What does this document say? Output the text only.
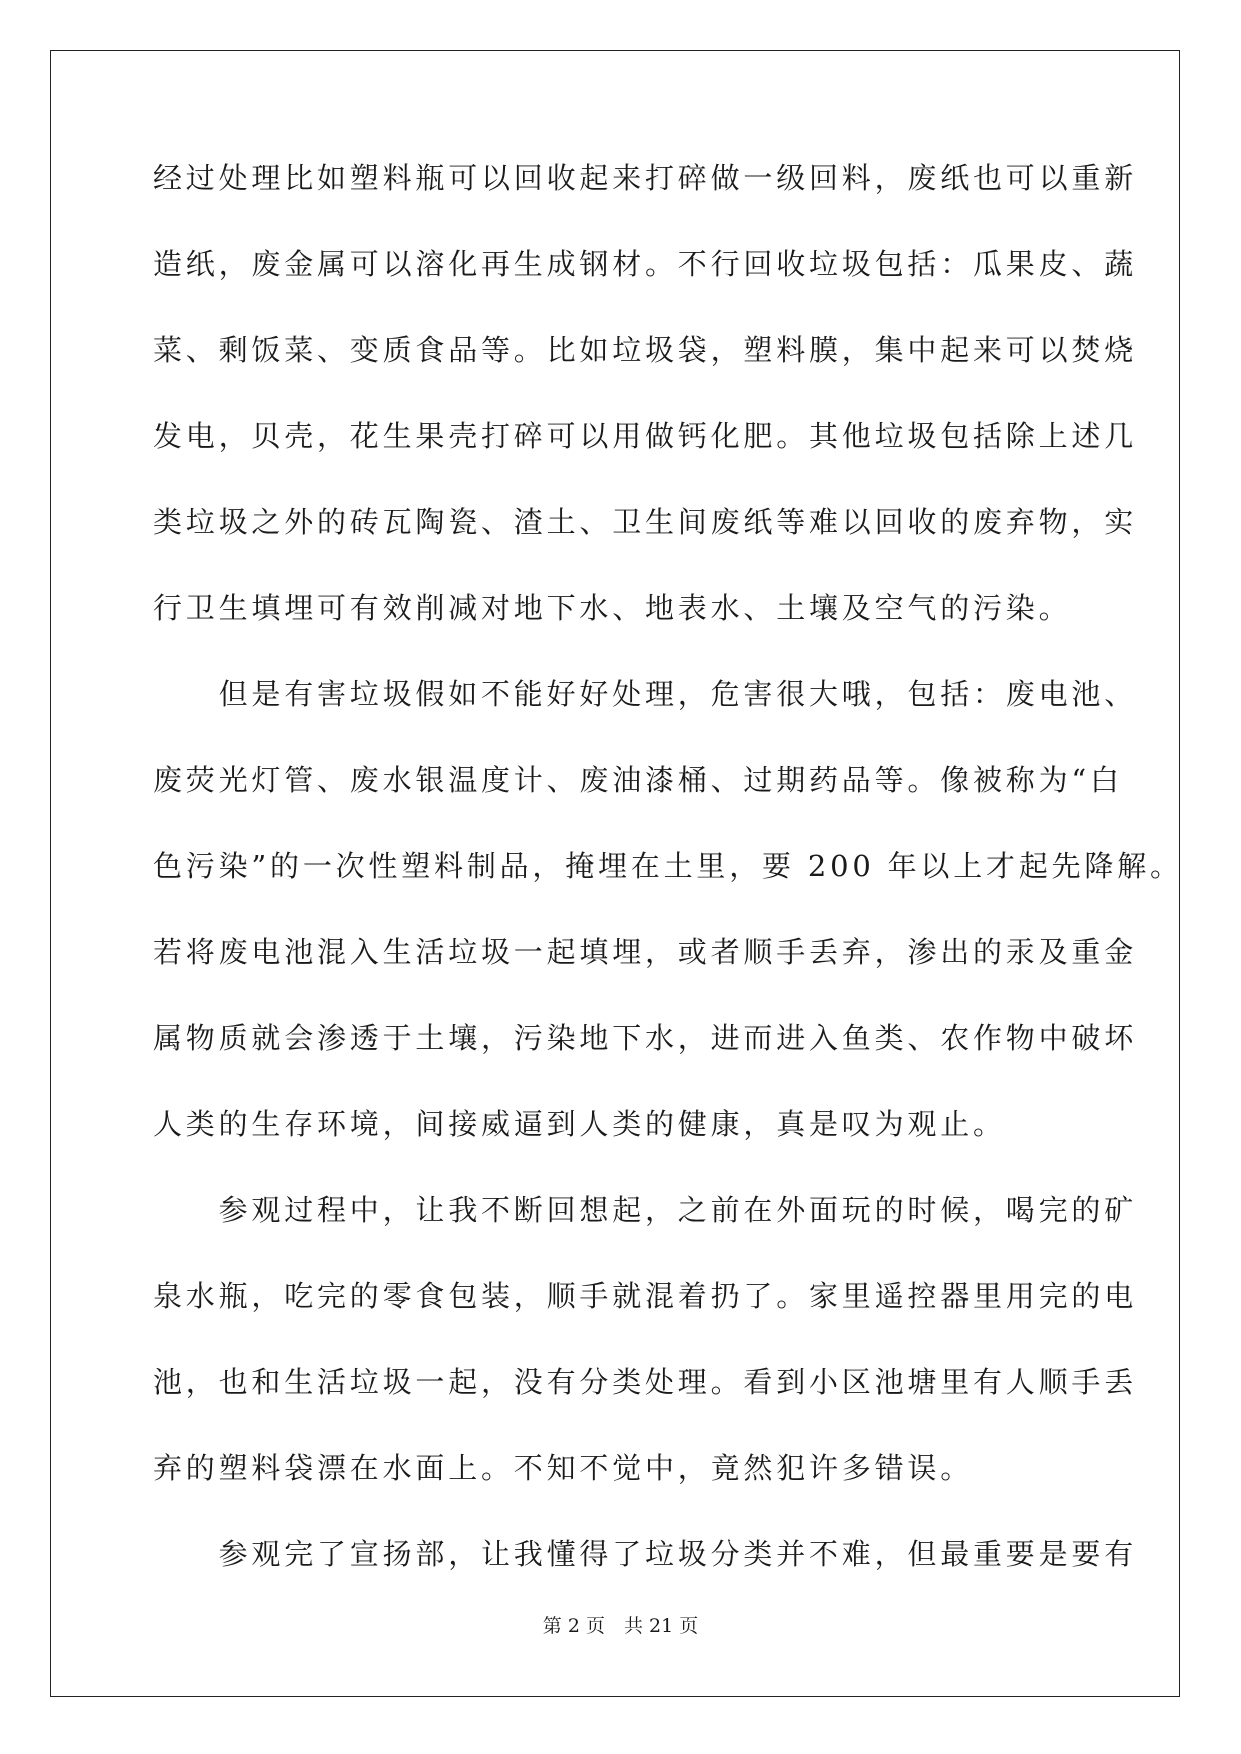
经过处理比如塑料瓶可以回收起来打碎做一级回料，废纸也可以重新
造纸，废金属可以溶化再生成钢材。不行回收垃圾包括：瓜果皮、蔬
菜、剩饭菜、变质食品等。比如垃圾袋，塑料膜，集中起来可以焚烧
发电，贝壳，花生果壳打碎可以用做钙化肥。其他垃圾包括除上述几
类垃圾之外的砖瓦陶瓷、渣土、卫生间废纸等难以回收的废弃物，实
行卫生填埋可有效削减对地下水、地表水、土壤及空气的污染。
　　但是有害垃圾假如不能好好处理，危害很大哦，包括：废电池、
废荧光灯管、废水银温度计、废油漆桶、过期药品等。像被称为“白
色污染”的一次性塑料制品，掩埋在土里，要 200 年以上才起先降解。
若将废电池混入生活垃圾一起填埋，或者顺手丢弃，渗出的汞及重金
属物质就会渗透于土壤，污染地下水，进而进入鱼类、农作物中破坏
人类的生存环境，间接威逼到人类的健康，真是叹为观止。
　　参观过程中，让我不断回想起，之前在外面玩的时候，喝完的矿
泉水瓶，吃完的零食包装，顺手就混着扔了。家里遥控器里用完的电
池，也和生活垃圾一起，没有分类处理。看到小区池塘里有人顺手丢
弃的塑料袋漂在水面上。不知不觉中，竟然犯许多错误。
　　参观完了宣扬部，让我懂得了垃圾分类并不难，但最重要是要有
第 2 页　共 21 页
